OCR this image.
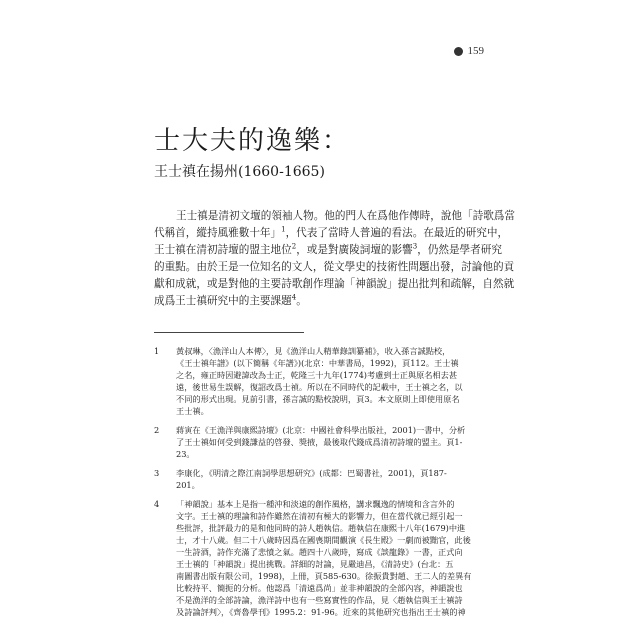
159
士大夫的逸樂：
王士禛在揚州(1660-1665)

王士禛是清初文壇的領袖人物。他的門人在爲他作傳時，說他「詩歌爲當
代稱首，縱持風雅數十年」$^1$，代表了當時人普遍的看法。在最近的研究中，
王士禛在清初詩壇的盟主地位$^2$，或是對廣陵詞壇的影響$^3$，仍然是學者研究
的重點。由於王是一位知名的文人，從文學史的技術性問題出發，討論他的貢
獻和成就，或是對他的主要詩歌創作理論「神韻說」提出批判和疏解，自然就
成爲王士禛研究中的主要課題$^4$。

1	黃叔琳，〈漁洋山人本傳〉，見《漁洋山人精華錄訓纂補》，收入孫言誠點校，
《王士禛年譜》(以下簡稱《年譜》)(北京：中華書局，1992)，頁112。王士禛
之名，雍正時因避諱改為士正，乾隆三十九年(1774)考慮到士正與原名相去甚
遠，後世易生誤解，復詔改爲士禎。所以在不同時代的記載中，王士禛之名，以
不同的形式出現。見前引書，孫言誠的點校說明，頁3。本文原則上即使用原名
王士禛。
2	蔣寅在《王漁洋與康熙詩壇》(北京：中國社會科學出版社，2001)一書中，分析
了王士禛如何受到錢謙益的啓發、獎掖，最後取代錢成爲清初詩壇的盟主。頁1-
23。
3	李康化，《明清之際江南詞學思想研究》(成都：巴蜀書社，2001)，頁187-
201。
4	「神韻說」基本上是指一種沖和淡遠的創作風格，講求飄逸的情境和含言外的
文字。王士禛的理論和詩作雖然在清初有極大的影響力，但在當代就已經引起一
些批評，批評最力的是和他同時的詩人趙執信。趙執信在康熙十八年(1679)中進
士，才十八歲。但二十八歲時因爲在國喪期間觀演《長生殿》一劇而被黜官，此後
一生詩酒，詩作充滿了悲憤之氣。趙四十八歲時，寫成《談龍錄》一書，正式向
王士禛的「神韻說」提出挑戰。詳細的討論，見嚴迪昌，《清詩史》(台北：五
南圖書出版有限公司，1998)，上冊，頁585-630。徐振貴對趙、王二人的差異有
比較持平、簡扼的分析。他認爲「清遠爲尚」並非神韻說的全部內容，神韻說也
不是漁洋的全部詩論，漁洋詩中也有一些寫實性的作品，見〈趙執信與王士禛詩
及詩論評判〉，《齊魯學刊》1995.2：91-96。近來的其他研究也指出王士禛的神
